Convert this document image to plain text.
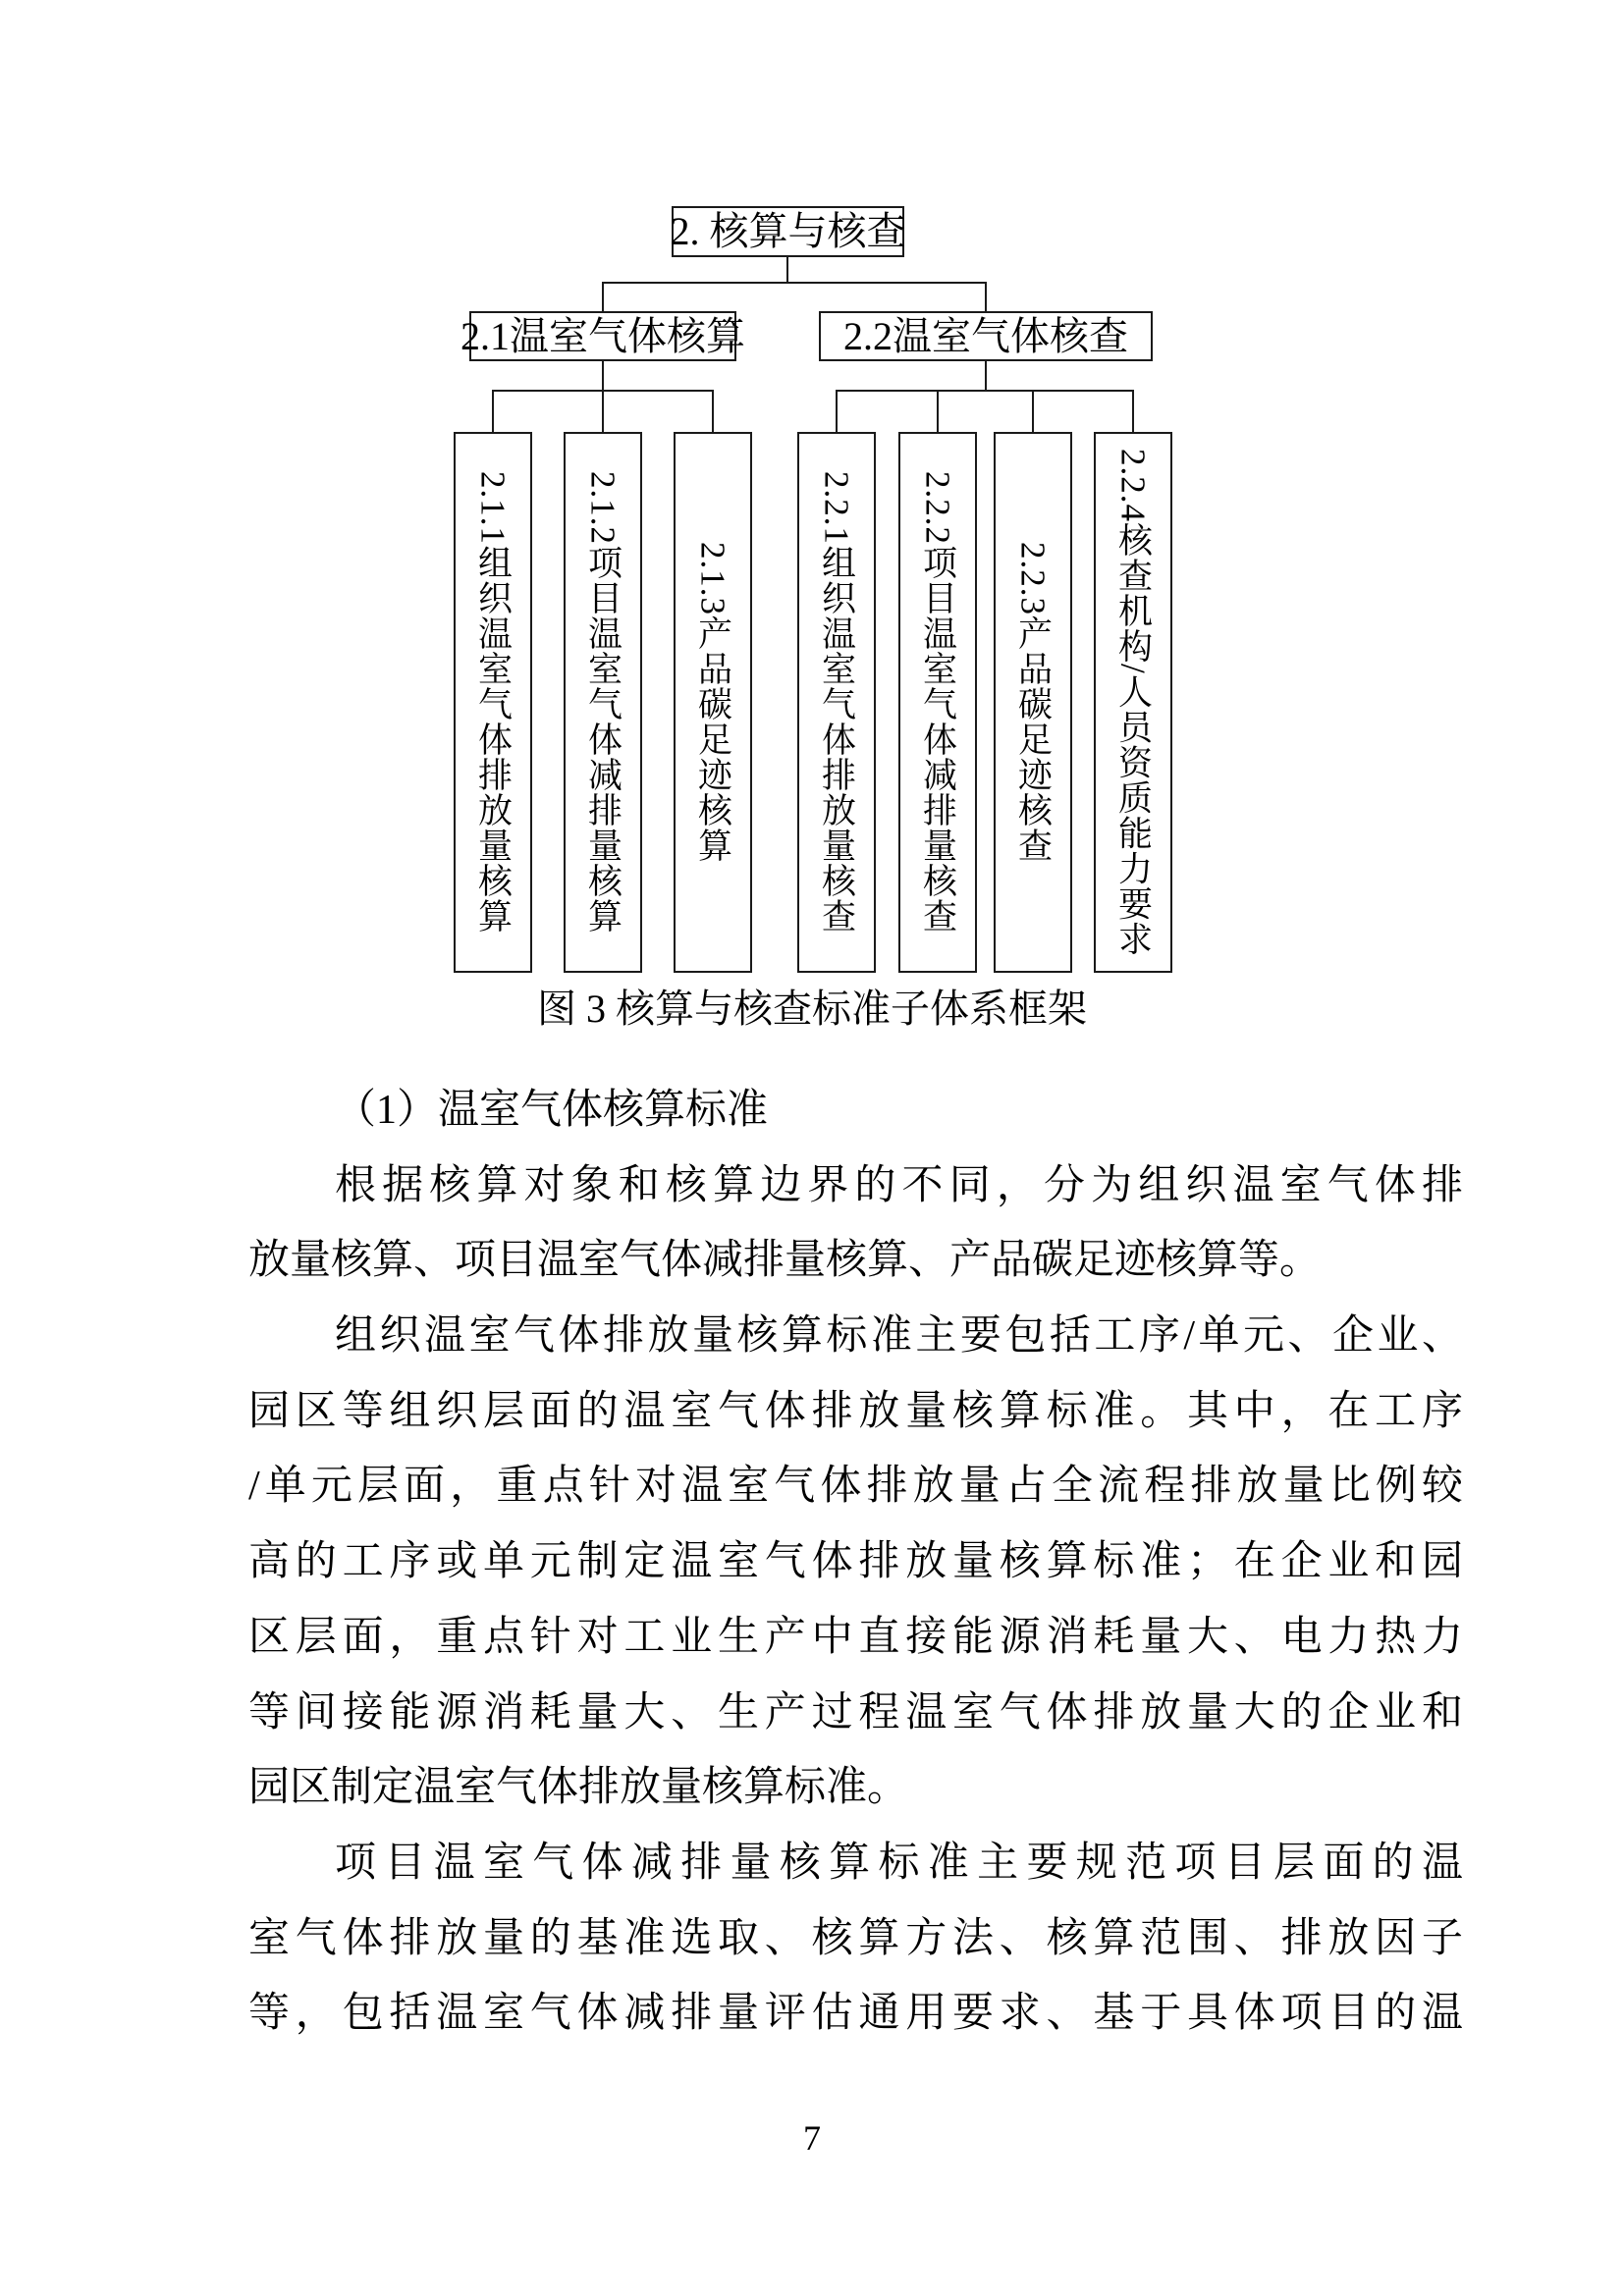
2. 核算与核查
2.1温室气体核算	2.2温室气体核查
2.1.1组织温室气体排放量核算 2.1.2项目温室气体减排量核算 2.1.3产品碳足迹核算 2.2.1组织温室气体排放量核查 2.2.2项目温室气体减排量核查 2.2.3产品碳足迹核查 2.2.4核查机构/人员资质能力要求
图 3 核算与核查标准子体系框架
（1）温室气体核算标准
根据核算对象和核算边界的不同，分为组织温室气体排
放量核算、项目温室气体减排量核算、产品碳足迹核算等。
组织温室气体排放量核算标准主要包括工序/单元、企业、
园区等组织层面的温室气体排放量核算标准。其中，在工序
/单元层面，重点针对温室气体排放量占全流程排放量比例较
高的工序或单元制定温室气体排放量核算标准；在企业和园
区层面，重点针对工业生产中直接能源消耗量大、电力热力
等间接能源消耗量大、生产过程温室气体排放量大的企业和
园区制定温室气体排放量核算标准。
项目温室气体减排量核算标准主要规范项目层面的温
室气体排放量的基准选取、核算方法、核算范围、排放因子
等，包括温室气体减排量评估通用要求、基于具体项目的温
7
